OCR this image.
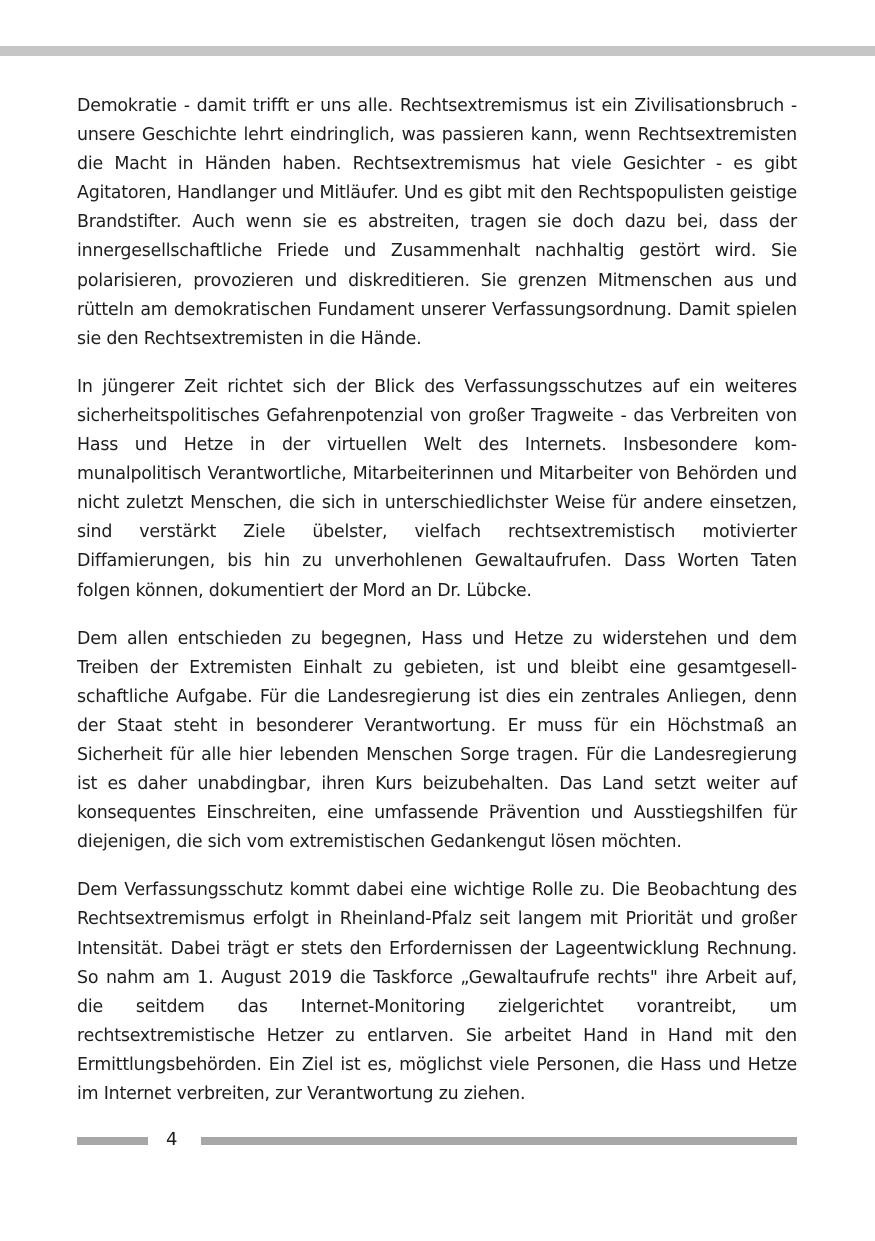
Demokratie - damit trifft er uns alle. Rechtsextremismus ist ein Zivilisationsbruch - unsere Geschichte lehrt eindringlich, was passieren kann, wenn Rechtsextremisten die Macht in Händen haben. Rechtsextremismus hat viele Gesichter - es gibt Agitatoren, Handlanger und Mitläufer. Und es gibt mit den Rechtspopulisten geistige Brandstifter. Auch wenn sie es abstreiten, tragen sie doch dazu bei, dass der innergesellschaftliche Friede und Zusammenhalt nachhaltig gestört wird. Sie polarisieren, provozieren und diskreditieren. Sie grenzen Mitmenschen aus und rütteln am demokratischen Fundament unserer Verfassungsordnung. Damit spielen sie den Rechtsextremisten in die Hände.

In jüngerer Zeit richtet sich der Blick des Verfassungsschutzes auf ein weiteres sicherheitspolitisches Gefahrenpotenzial von großer Tragweite - das Verbreiten von Hass und Hetze in der virtuellen Welt des Internets. Insbesondere kommunalpolitisch Verantwortliche, Mitarbeiterinnen und Mitarbeiter von Behörden und nicht zuletzt Menschen, die sich in unterschiedlichster Weise für andere einsetzen, sind verstärkt Ziele übelster, vielfach rechtsextremistisch motivierter Diffamierungen, bis hin zu unverhohlenen Gewaltaufrufen. Dass Worten Taten folgen können, dokumentiert der Mord an Dr. Lübcke.

Dem allen entschieden zu begegnen, Hass und Hetze zu widerstehen und dem Treiben der Extremisten Einhalt zu gebieten, ist und bleibt eine gesamtgesellschaftliche Aufgabe. Für die Landesregierung ist dies ein zentrales Anliegen, denn der Staat steht in besonderer Verantwortung. Er muss für ein Höchstmaß an Sicherheit für alle hier lebenden Menschen Sorge tragen. Für die Landesregierung ist es daher unabdingbar, ihren Kurs beizubehalten. Das Land setzt weiter auf konsequentes Einschreiten, eine umfassende Prävention und Ausstiegshilfen für diejenigen, die sich vom extremistischen Gedankengut lösen möchten.

Dem Verfassungsschutz kommt dabei eine wichtige Rolle zu. Die Beobachtung des Rechtsextremismus erfolgt in Rheinland-Pfalz seit langem mit Priorität und großer Intensität. Dabei trägt er stets den Erfordernissen der Lageentwicklung Rechnung. So nahm am 1. August 2019 die Taskforce „Gewaltaufrufe rechts" ihre Arbeit auf, die seitdem das Internet-Monitoring zielgerichtet vorantreibt, um rechtsextremistische Hetzer zu entlarven. Sie arbeitet Hand in Hand mit den Ermittlungsbehörden. Ein Ziel ist es, möglichst viele Personen, die Hass und Hetze im Internet verbreiten, zur Verantwortung zu ziehen.

4
